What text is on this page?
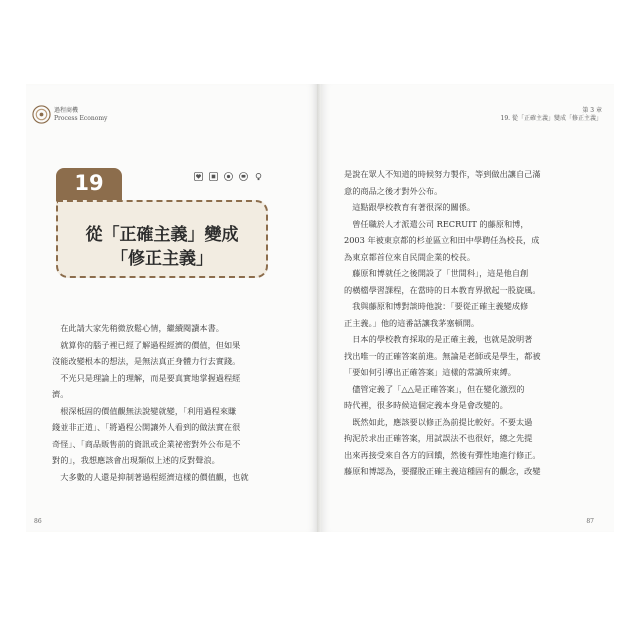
過程商機
Process Economy
19
從「正確主義」變成
「修正主義」

　在此請大家先稍微放鬆心情，繼續閱讀本書。

　就算你的腦子裡已經了解過程經濟的價值，但如果

沒能改變根本的想法，是無法真正身體力行去實踐。

　不光只是理論上的理解，而是要真實地掌握過程經

濟。

　根深柢固的價值觀無法說變就變，「利用過程來賺

錢並非正道」、「將過程公開讓外人看到的做法實在很

奇怪」、「商品販售前的資訊或企業祕密對外公布是不

對的」，我想應該會出現類似上述的反對聲浪。

　大多數的人還是抑制著過程經濟這樣的價值觀，也就

86
第 3 章
19. 從「正確主義」變成「修正主義」

是說在眾人不知道的時候努力製作，等到做出讓自己滿

意的商品之後才對外公布。

　這點跟學校教育有著很深的關係。

　曾任職於人才派遣公司 RECRUIT 的藤原和博，

2003 年被東京都的杉並區立和田中學聘任為校長，成

為東京都首位來自民間企業的校長。

　藤原和博就任之後開設了「世間科」，這是他自創

的橫檔學習課程，在當時的日本教育界掀起一股旋風。

　我與藤原和博對談時他說：「要從正確主義變成修

正主義。」他的這番話讓我茅塞頓開。

　日本的學校教育採取的是正確主義，也就是說明著

找出唯一的正確答案前進。無論是老師或是學生，都被

「要如何引導出正確答案」這樣的常識所束縛。

　儘管定義了「△△是正確答案」，但在變化激烈的

時代裡，很多時候這個定義本身是會改變的。

　既然如此，應該要以修正為前提比較好。不要太過

拘泥於求出正確答案，用試誤法不也很好，總之先提

出來再接受來自各方的回饋，然後有彈性地進行修正。

藤原和博認為，要擺脫正確主義這種固有的觀念，改變

87
